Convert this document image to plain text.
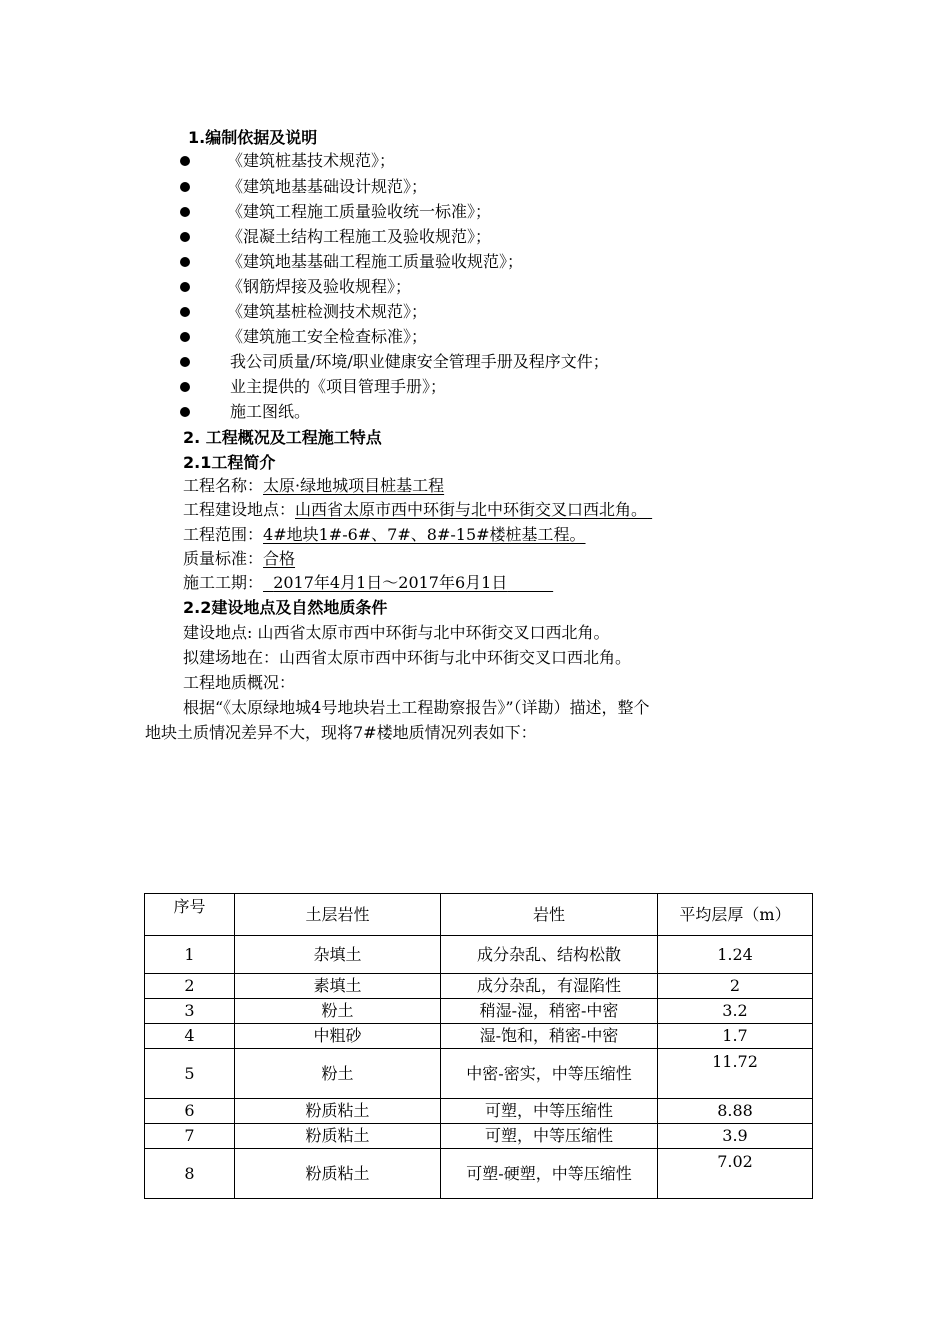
1.编制依据及说明
《建筑桩基技术规范》；
《建筑地基基础设计规范》；
《建筑工程施工质量验收统一标准》；
《混凝土结构工程施工及验收规范》；
《建筑地基基础工程施工质量验收规范》；
《钢筋焊接及验收规程》；
《建筑基桩检测技术规范》；
《建筑施工安全检查标准》；
我公司质量/环境/职业健康安全管理手册及程序文件；
业主提供的《项目管理手册》；
施工图纸。
2. 工程概况及工程施工特点
2.1工程简介
工程名称：太原·绿地城项目桩基工程
工程建设地点：山西省太原市西中环街与北中环街交叉口西北角。
工程范围：4#地块1#-6#、7#、8#-15#楼桩基工程。
质量标准：合格
施工工期： 2017年4月1日～2017年6月1日
2.2建设地点及自然地质条件
建设地点: 山西省太原市西中环街与北中环街交叉口西北角。
拟建场地在：山西省太原市西中环街与北中环街交叉口西北角。
工程地质概况：
根据“《太原绿地城4号地块岩土工程勘察报告》”（详勘）描述，整个
地块土质情况差异不大，现将7#楼地质情况列表如下：
序号	土层岩性	岩性	平均层厚（m）
1	杂填土	成分杂乱、结构松散	1.24
2	素填土	成分杂乱，有湿陷性	2
3	粉土	稍湿-湿，稍密-中密	3.2
4	中粗砂	湿-饱和，稍密-中密	1.7
5	粉土	中密-密实，中等压缩性	11.72
6	粉质粘土	可塑，中等压缩性	8.88
7	粉质粘土	可塑，中等压缩性	3.9
8	粉质粘土	可塑-硬塑，中等压缩性	7.02
